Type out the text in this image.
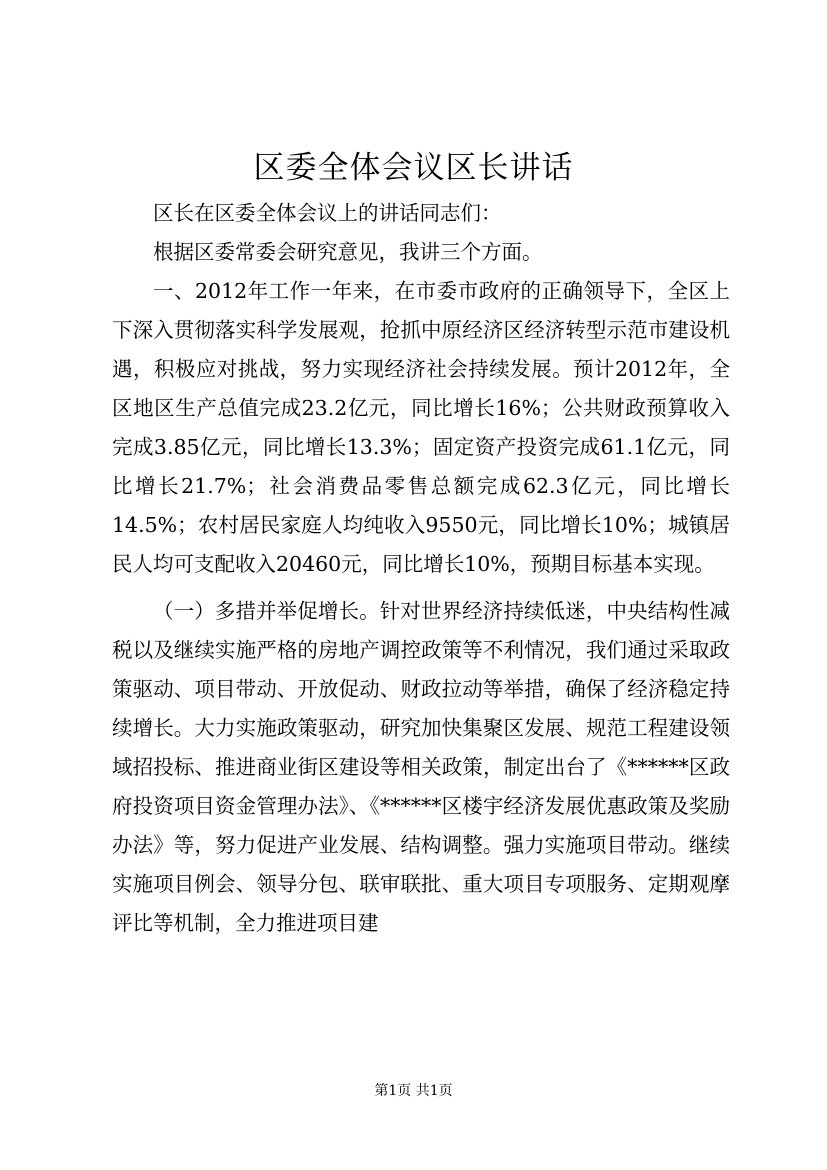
区委全体会议区长讲话

区长在区委全体会议上的讲话同志们：

根据区委常委会研究意见，我讲三个方面。

一、2012年工作一年来，在市委市政府的正确领导下，全区上下深入贯彻落实科学发展观，抢抓中原经济区经济转型示范市建设机遇，积极应对挑战，努力实现经济社会持续发展。预计2012年，全区地区生产总值完成23.2亿元，同比增长16%；公共财政预算收入完成3.85亿元，同比增长13.3%；固定资产投资完成61.1亿元，同比增长21.7%；社会消费品零售总额完成62.3亿元，同比增长14.5%；农村居民家庭人均纯收入9550元，同比增长10%；城镇居民人均可支配收入20460元，同比增长10%，预期目标基本实现。

（一）多措并举促增长。针对世界经济持续低迷，中央结构性减税以及继续实施严格的房地产调控政策等不利情况，我们通过采取政策驱动、项目带动、开放促动、财政拉动等举措，确保了经济稳定持续增长。大力实施政策驱动，研究加快集聚区发展、规范工程建设领域招投标、推进商业街区建设等相关政策，制定出台了《******区政府投资项目资金管理办法》、《******区楼宇经济发展优惠政策及奖励办法》等，努力促进产业发展、结构调整。强力实施项目带动。继续实施项目例会、领导分包、联审联批、重大项目专项服务、定期观摩评比等机制，全力推进项目建

第1页 共1页
